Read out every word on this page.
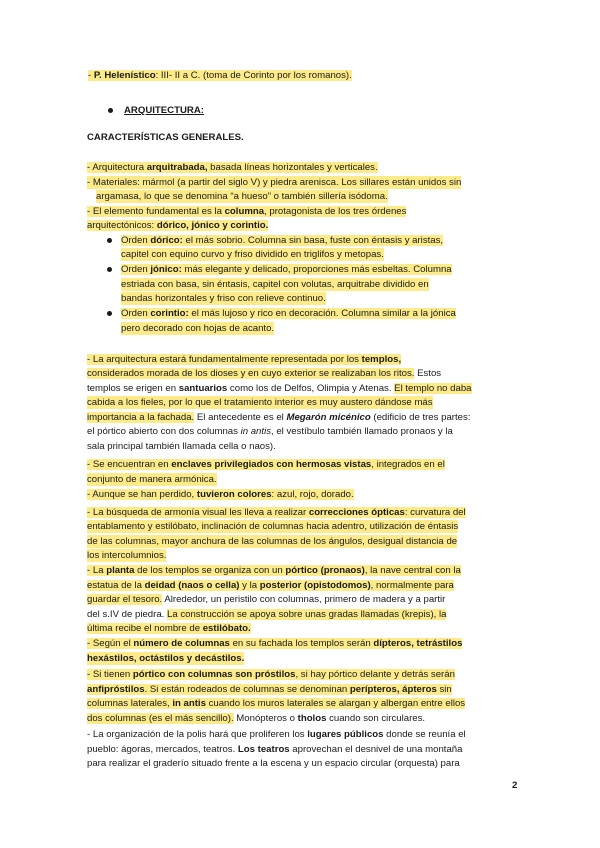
- P. Helenístico: III- II a C. (toma de Corinto por los romanos).
ARQUITECTURA:
CARACTERÍSTICAS GENERALES.
- Arquitectura arquitrabada, basada líneas horizontales y verticales.
- Materiales: mármol (a partir del siglo V) y piedra arenisca. Los sillares están unidos sin
argamasa, lo que se denomina “a hueso” o también sillería isódoma.
- El elemento fundamental es la columna, protagonista de los tres órdenes
arquitectónicos: dórico, jónico y corintio.
Orden dórico: el más sobrio. Columna sin basa, fuste con éntasis y aristas,
capitel con equino curvo y friso dividido en triglifos y metopas.
Orden jónico: más elegante y delicado, proporciones más esbeltas. Columna
estriada con basa, sin éntasis, capitel con volutas, arquitrabe dividido en
bandas horizontales y friso con relieve continuo.
Orden corintio: el más lujoso y rico en decoración. Columna similar a la jónica
pero decorado con hojas de acanto.
- La arquitectura estará fundamentalmente representada por los templos,
considerados morada de los dioses y en cuyo exterior se realizaban los ritos. Estos
templos se erigen en santuarios como los de Delfos, Olimpia y Atenas. El templo no daba
cabida a los fieles, por lo que el tratamiento interior es muy austero dándose más
importancia a la fachada. El antecedente es el Megarón micénico (edificio de tres partes:
el pórtico abierto con dos columnas in antis, el vestíbulo también llamado pronaos y la
sala principal también llamada cella o naos).
- Se encuentran en enclaves privilegiados con hermosas vistas, integrados en el
conjunto de manera armónica.
- Aunque se han perdido, tuvieron colores: azul, rojo, dorado.
- La búsqueda de armonía visual les lleva a realizar correcciones ópticas: curvatura del
entablamento y estilóbato, inclinación de columnas hacia adentro, utilización de éntasis
de las columnas, mayor anchura de las columnas de los ángulos, desigual distancia de
los intercolumnios.
- La planta de los templos se organiza con un pórtico (pronaos), la nave central con la
estatua de la deidad (naos o cella) y la posterior (opistodomos), normalmente para
guardar el tesoro. Alrededor, un peristilo con columnas, primero de madera y a partir
del s.IV de piedra. La construcción se apoya sobre unas gradas llamadas (krepis), la
última recibe el nombre de estilóbato.
- Según el número de columnas en su fachada los templos serán dípteros, tetrástilos
hexástilos, octástilos y decástilos.
- Si tienen pórtico con columnas son próstilos, si hay pórtico delante y detrás serán
anfipróstilos. Si están rodeados de columnas se denominan perípteros, ápteros sin
columnas laterales, in antis cuando los muros laterales se alargan y albergan entre ellos
dos columnas (es el más sencillo). Monópteros o tholos cuando son circulares.
- La organización de la polis hará que proliferen los lugares públicos donde se reunía el
pueblo: ágoras, mercados, teatros. Los teatros aprovechan el desnivel de una montaña
para realizar el graderío situado frente a la escena y un espacio circular (orquesta) para
2
